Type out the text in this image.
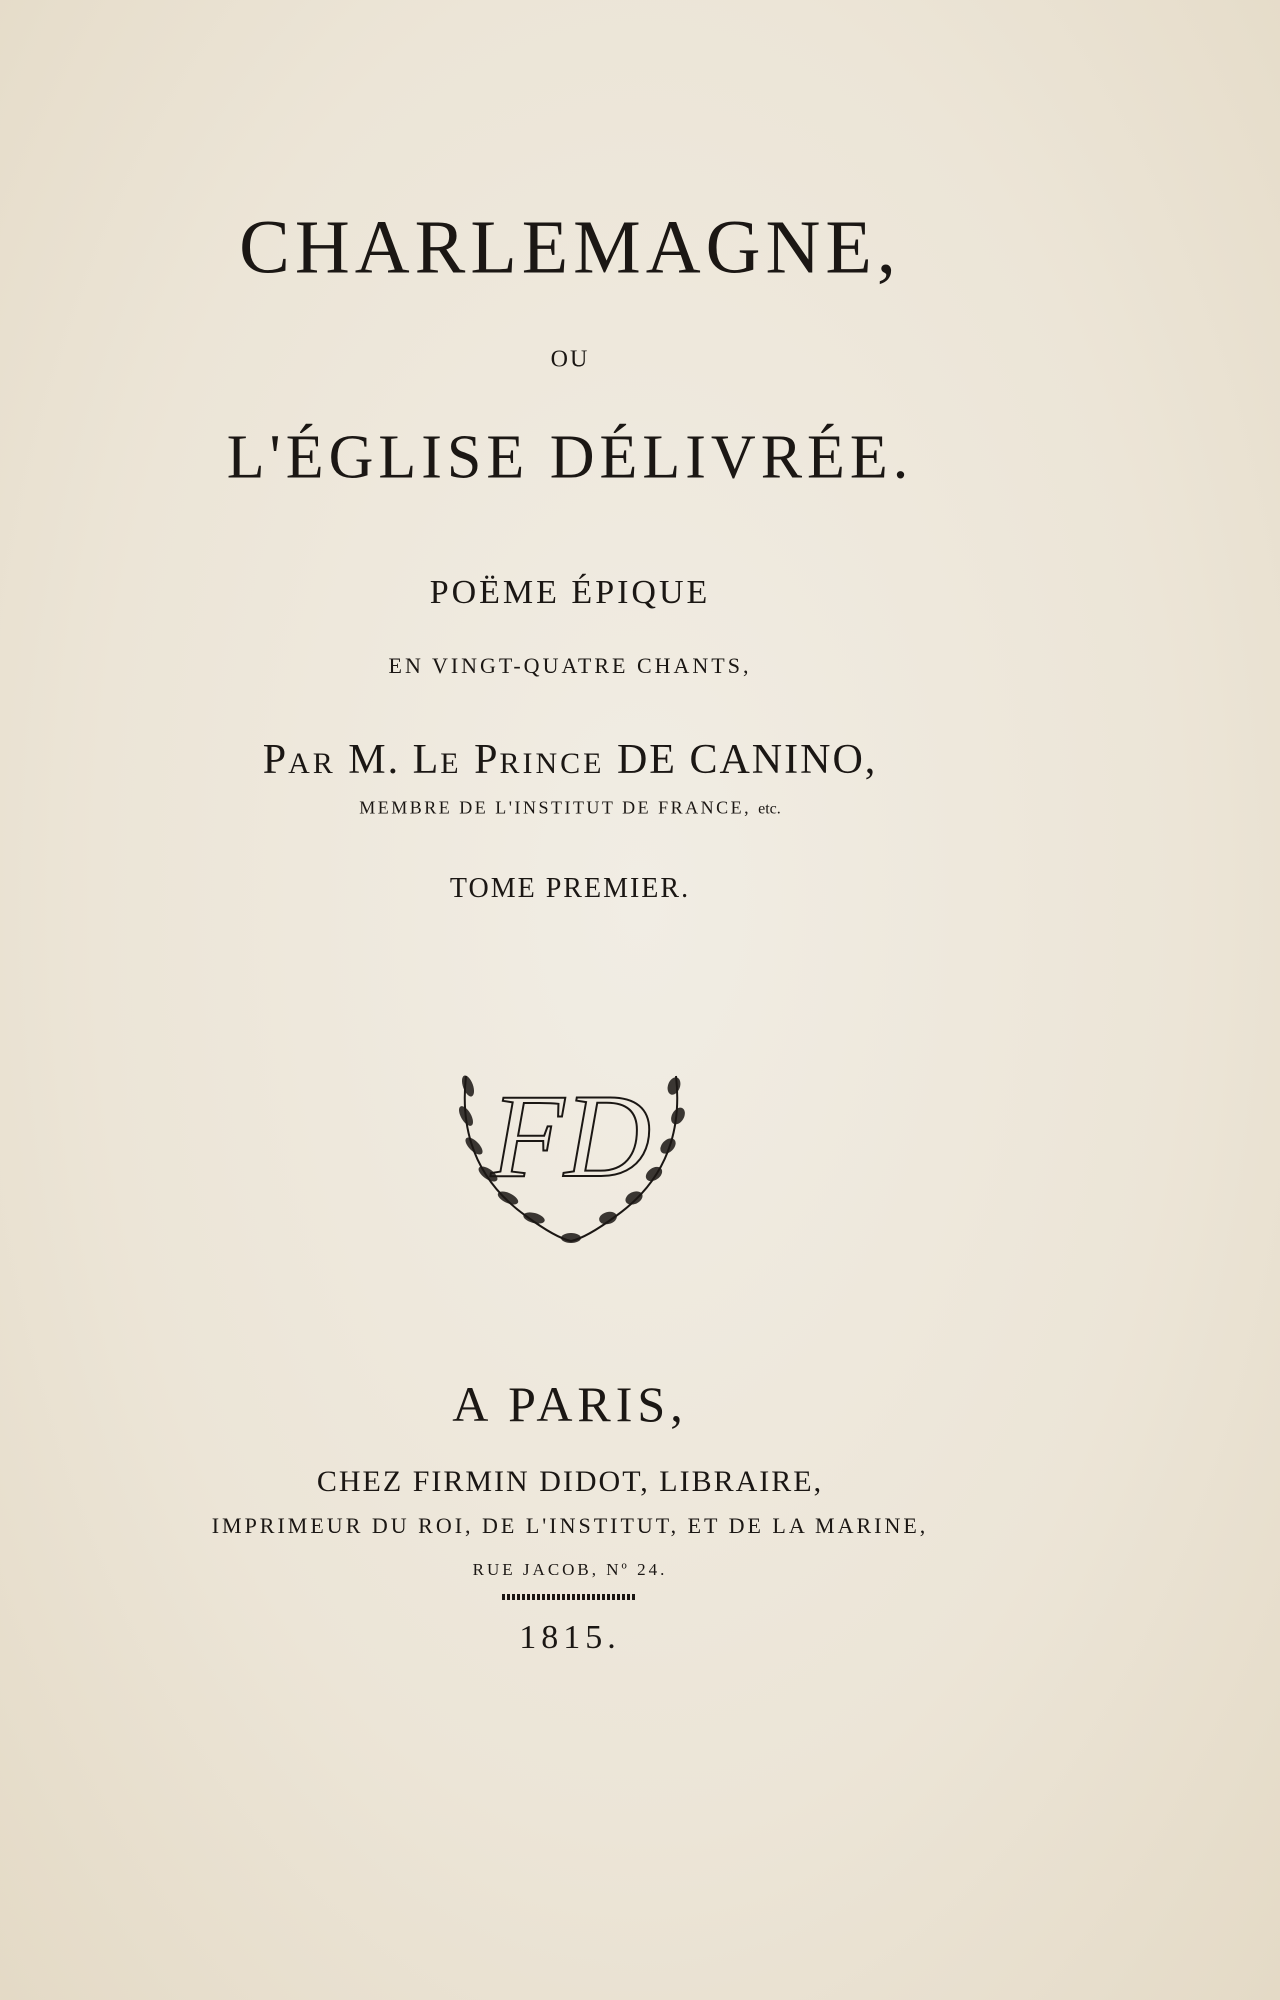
CHARLEMAGNE,
OU
L'ÉGLISE DÉLIVRÉE.
POËME ÉPIQUE
EN VINGT-QUATRE CHANTS,
PAR M. LE PRINCE DE CANINO,
MEMBRE DE L'INSTITUT DE FRANCE, etc.
TOME PREMIER.
FD
A PARIS,
CHEZ FIRMIN DIDOT, LIBRAIRE,
IMPRIMEUR DU ROI, DE L'INSTITUT, ET DE LA MARINE,
RUE JACOB, Nº 24.
1815.
